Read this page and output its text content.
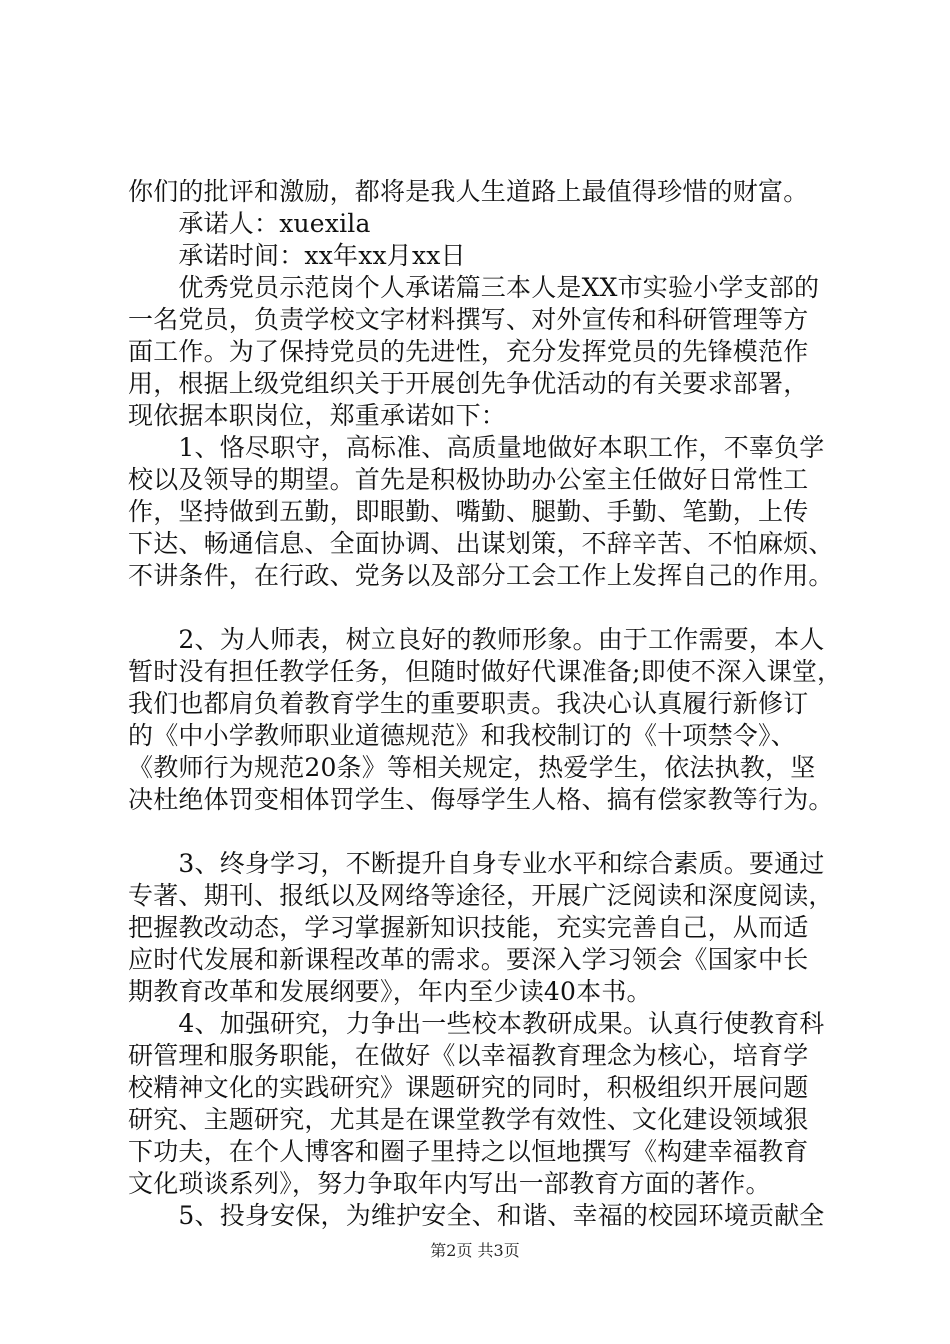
你们的批评和激励，都将是我人生道路上最值得珍惜的财富。
　　承诺人：xuexila
　　承诺时间：xx年xx月xx日
　　优秀党员示范岗个人承诺篇三本人是XX市实验小学支部的
一名党员，负责学校文字材料撰写、对外宣传和科研管理等方
面工作。为了保持党员的先进性，充分发挥党员的先锋模范作
用，根据上级党组织关于开展创先争优活动的有关要求部署，
现依据本职岗位，郑重承诺如下：
　　1、恪尽职守，高标准、高质量地做好本职工作，不辜负学
校以及领导的期望。首先是积极协助办公室主任做好日常性工
作，坚持做到五勤，即眼勤、嘴勤、腿勤、手勤、笔勤，上传
下达、畅通信息、全面协调、出谋划策，不辞辛苦、不怕麻烦、
不讲条件，在行政、党务以及部分工会工作上发挥自己的作用。
　　2、为人师表，树立良好的教师形象。由于工作需要，本人
暂时没有担任教学任务，但随时做好代课准备;即使不深入课堂，
我们也都肩负着教育学生的重要职责。我决心认真履行新修订
的《中小学教师职业道德规范》和我校制订的《十项禁令》、
《教师行为规范20条》等相关规定，热爱学生，依法执教，坚
决杜绝体罚变相体罚学生、侮辱学生人格、搞有偿家教等行为。
　　3、终身学习，不断提升自身专业水平和综合素质。要通过
专著、期刊、报纸以及网络等途径，开展广泛阅读和深度阅读，
把握教改动态，学习掌握新知识技能，充实完善自己，从而适
应时代发展和新课程改革的需求。要深入学习领会《国家中长
期教育改革和发展纲要》，年内至少读40本书。
　　4、加强研究，力争出一些校本教研成果。认真行使教育科
研管理和服务职能，在做好《以幸福教育理念为核心，培育学
校精神文化的实践研究》课题研究的同时，积极组织开展问题
研究、主题研究，尤其是在课堂教学有效性、文化建设领域狠
下功夫，在个人博客和圈子里持之以恒地撰写《构建幸福教育
文化琐谈系列》，努力争取年内写出一部教育方面的著作。
　　5、投身安保，为维护安全、和谐、幸福的校园环境贡献全
第2页 共3页
